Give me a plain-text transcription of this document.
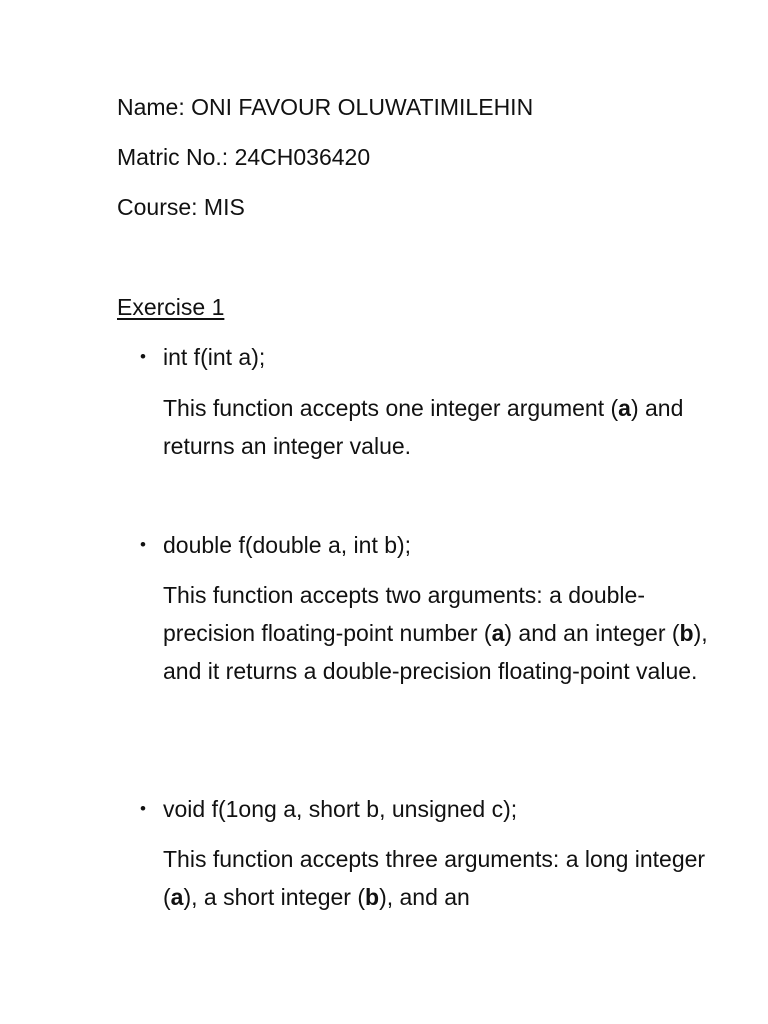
Name: ONI FAVOUR OLUWATIMILEHIN
Matric No.: 24CH036420
Course: MIS
Exercise 1
• int f(int a);
This function accepts one integer argument (a) and returns an integer value.
• double f(double a, int b);
This function accepts two arguments: a double-precision floating-point number (a) and an integer (b), and it returns a double-precision floating-point value.
• void f(1ong a, short b, unsigned c);
This function accepts three arguments: a long integer (a), a short integer (b), and an
